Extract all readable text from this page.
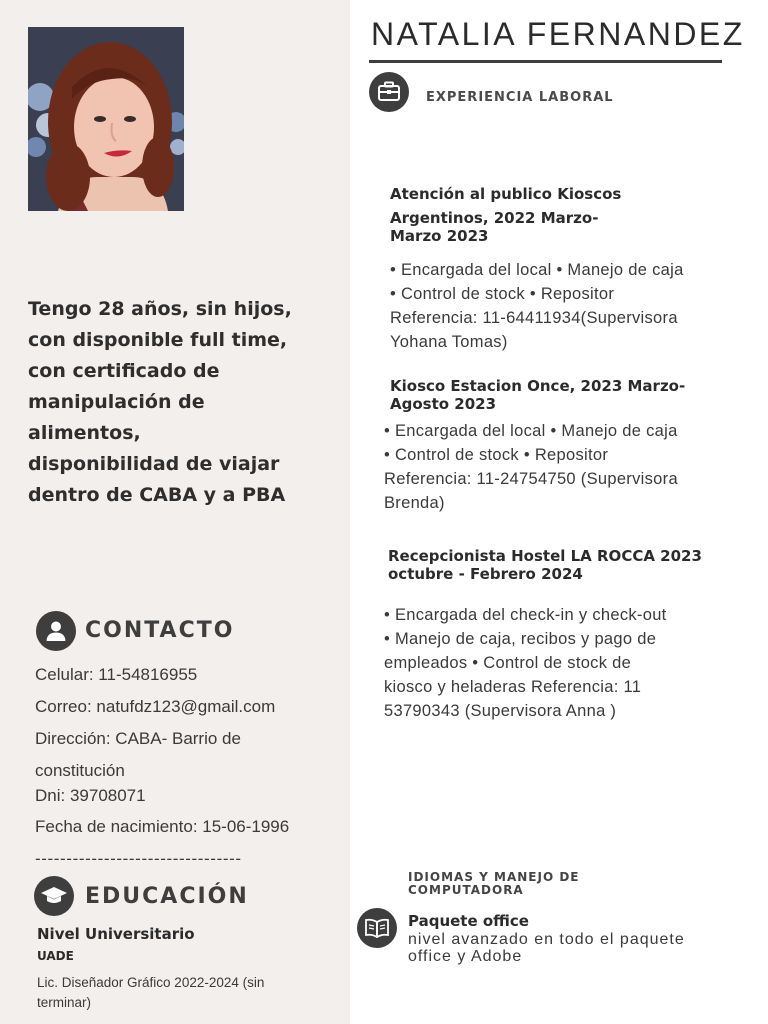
Tengo 28 años, sin hijos, con disponible full time, con certificado de manipulación de alimentos, disponibilidad de viajar dentro de CABA y a PBA
CONTACTO
Celular: 11-54816955
Correo: natufdz123@gmail.com
Dirección: CABA- Barrio de
constitución
Dni: 39708071
Fecha de nacimiento: 15-06-1996
---------------------------------
EDUCACIÓN
Nivel Universitario
UADE
Lic. Diseñador Gráfico 2022-2024 (sin
terminar)
NATALIA FERNANDEZ
EXPERIENCIA LABORAL
Atención al publico Kioscos
Argentinos, 2022 Marzo-
Marzo 2023
• Encargada del local • Manejo de caja
• Control de stock • Repositor
Referencia: 11-64411934(Supervisora
Yohana Tomas)
Kiosco Estacion Once, 2023 Marzo-
Agosto 2023
• Encargada del local • Manejo de caja
• Control de stock • Repositor
Referencia: 11-24754750 (Supervisora
Brenda)
Recepcionista Hostel LA ROCCA 2023
octubre - Febrero 2024
• Encargada del check-in y check-out
• Manejo de caja, recibos y pago de
empleados • Control de stock de
kiosco y heladeras Referencia: 11
53790343 (Supervisora Anna )
IDIOMAS Y MANEJO DE
COMPUTADORA
Paquete office
nivel avanzado en todo el paquete
office y Adobe
